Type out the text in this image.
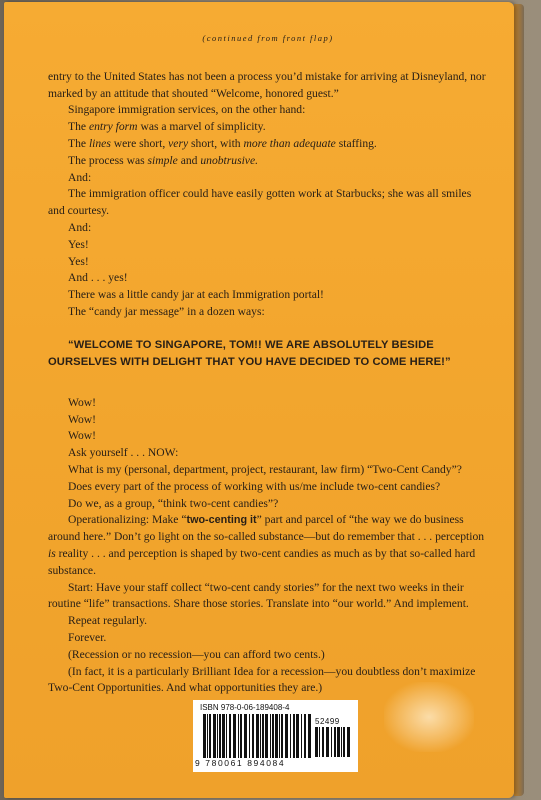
(continued from front flap)

entry to the United States has not been a process you’d mistake for arriving at Disneyland, nor marked by an attitude that shouted “Welcome, honored guest.”

Singapore immigration services, on the other hand:

The entry form was a marvel of simplicity.

The lines were short, very short, with more than adequate staffing.

The process was simple and unobtrusive.

And:

The immigration officer could have easily gotten work at Starbucks; she was all smiles and courtesy.

And:

Yes!

Yes!

And . . . yes!

There was a little candy jar at each Immigration portal!

The “candy jar message” in a dozen ways:

“WELCOME TO SINGAPORE, TOM!! WE ARE ABSOLUTELY BESIDE OURSELVES WITH DELIGHT THAT YOU HAVE DECIDED TO COME HERE!”

Wow!

Wow!

Wow!

Ask yourself . . . NOW:

What is my (personal, department, project, restaurant, law firm) “Two-Cent Candy”?

Does every part of the process of working with us/me include two-cent candies?

Do we, as a group, “think two-cent candies”?

Operationalizing: Make “two-centing it” part and parcel of “the way we do business around here.” Don’t go light on the so-called substance—but do remember that . . . perception is reality . . . and perception is shaped by two-cent candies as much as by that so-called hard substance.

Start: Have your staff collect “two-cent candy stories” for the next two weeks in their routine “life” transactions. Share those stories. Translate into “our world.” And implement.

Repeat regularly.

Forever.

(Recession or no recession—you can afford two cents.)

(In fact, it is a particularly Brilliant Idea for a recession—you doubtless don’t maximize Two-Cent Opportunities. And what opportunities they are.)

ISBN 978-0-06-189408-4
52499
9 780061 894084
